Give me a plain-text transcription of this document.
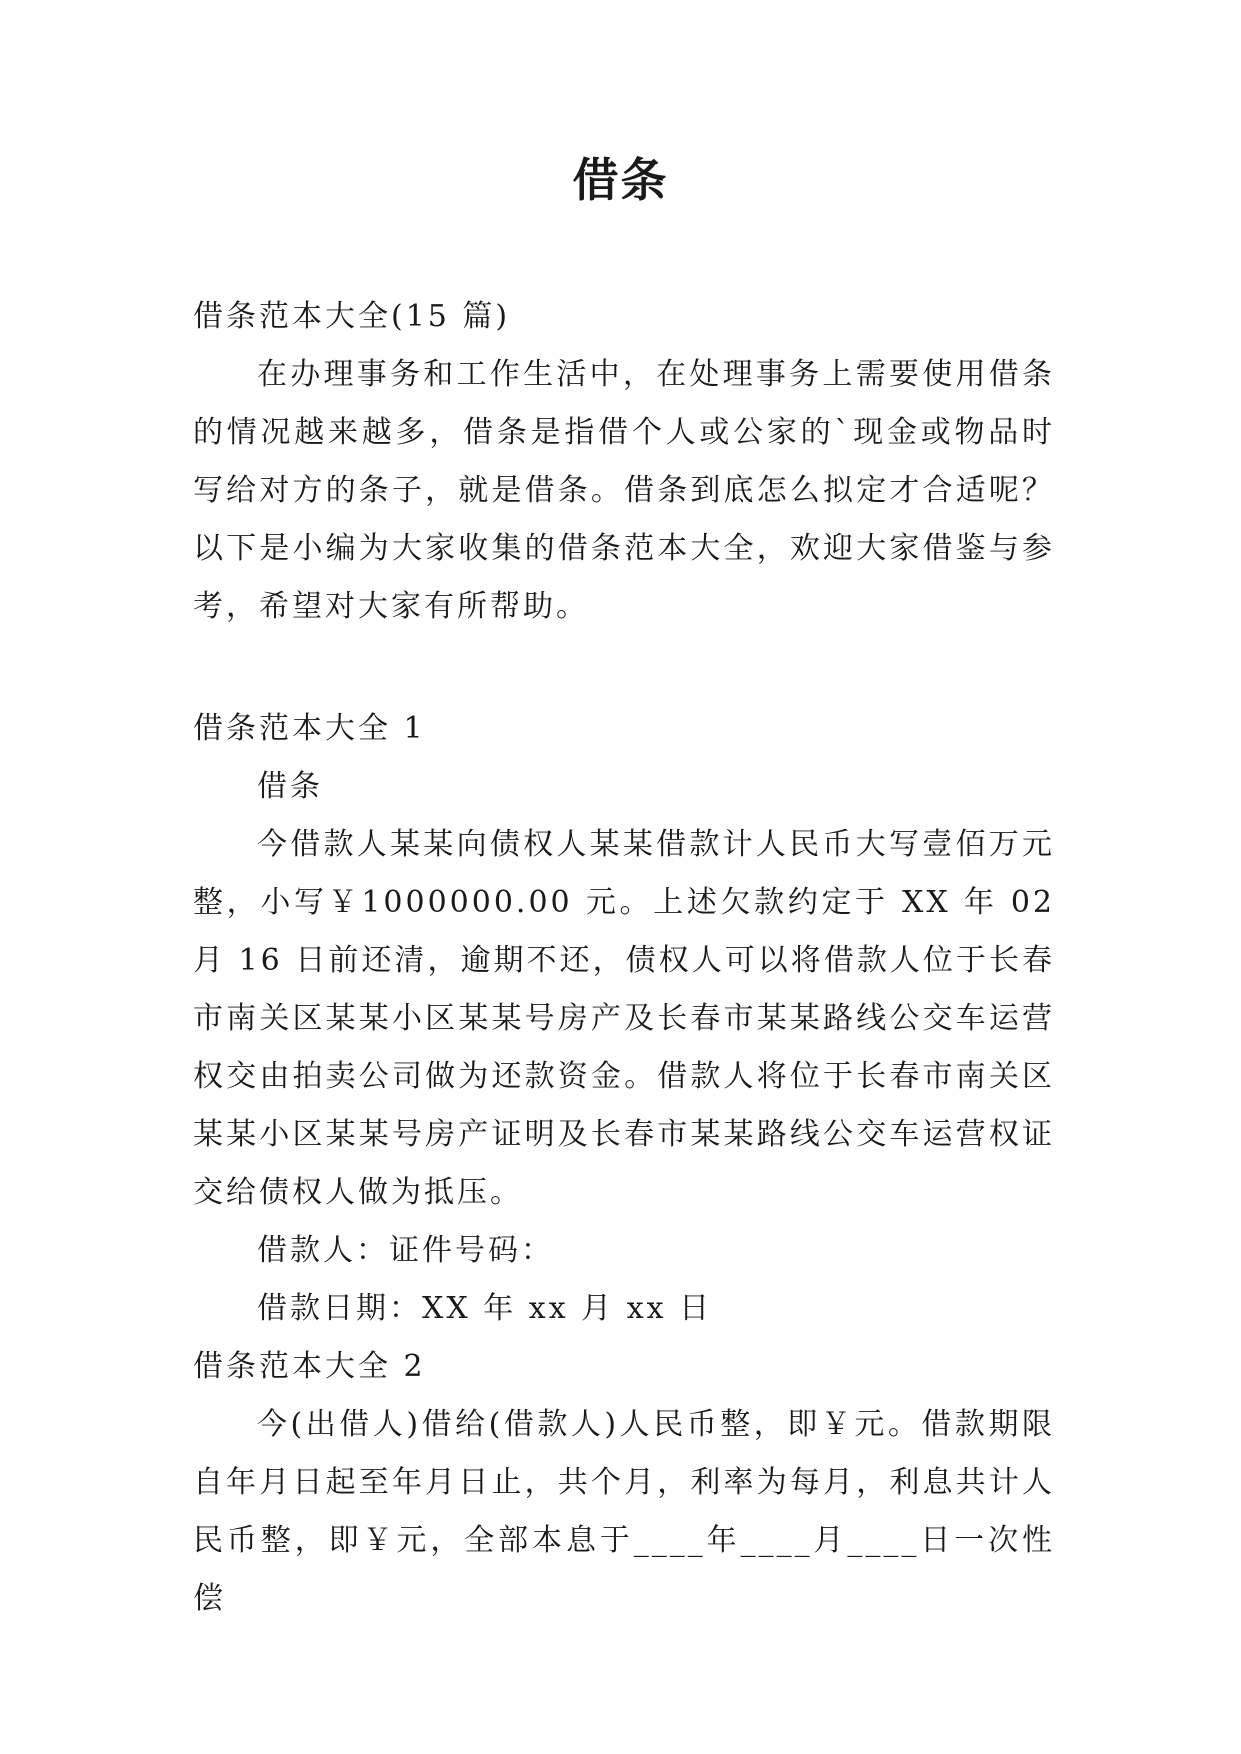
借条

借条范本大全(15 篇)

在办理事务和工作生活中，在处理事务上需要使用借条的情况越来越多，借条是指借个人或公家的`现金或物品时写给对方的条子，就是借条。借条到底怎么拟定才合适呢？以下是小编为大家收集的借条范本大全，欢迎大家借鉴与参考，希望对大家有所帮助。

借条范本大全 1

借条

今借款人某某向债权人某某借款计人民币大写壹佰万元整，小写￥1000000.00 元。上述欠款约定于 XX 年 02 月 16 日前还清，逾期不还，债权人可以将借款人位于长春市南关区某某小区某某号房产及长春市某某路线公交车运营权交由拍卖公司做为还款资金。借款人将位于长春市南关区某某小区某某号房产证明及长春市某某路线公交车运营权证交给债权人做为抵压。

借款人：证件号码：

借款日期：XX 年 xx 月 xx 日

借条范本大全 2

今(出借人)借给(借款人)人民币整，即￥元。借款期限自年月日起至年月日止，共个月，利率为每月，利息共计人民币整，即￥元，全部本息于____年____月____日一次性偿
